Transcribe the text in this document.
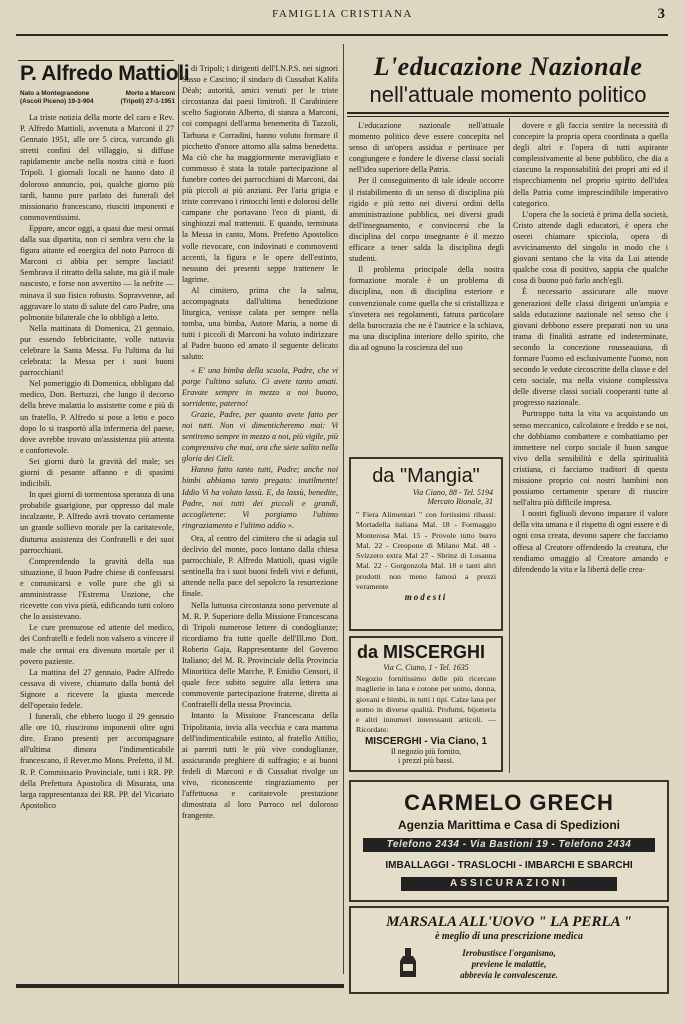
FAMIGLIA CRISTIANA	3
P. Alfredo Mattioli
Nato a Montegrandone
(Ascoli Piceno) 19-3-904
Morto a Marconi
(Tripoli) 27-1-1951

La triste notizia della morte del caro e Rev. P. Alfredo Mattioli, avvenuta a Marconi il 27 Gennaio 1951, alle ore 5 circa, varcando gli stretti confini del villaggio, si diffuse rapidamente anche nella nostra città e fuori Tripoli. I giornali locali ne hanno dato il doloroso annuncio, poi, qualche giorno più tardi, hanno pure parlato dei funerali del missionario francescano, riusciti imponenti e commoventissimi.

Eppure, ancor oggi, a quasi due mesi ormai dalla sua dipartita, non ci sembra vero che la figura aitante ed energica del noto Parroco di Marconi ci abbia per sempre lasciati! Sembrava il ritratto della salute, ma già il male nascosto, e forse non avvertito — la nefrite — minava il suo fisico robusto. Sopravvenne, ad aggravare lo stato di salute del caro Padre, una polmonite bilaterale che lo obbligò a letto.

Nella mattinata di Domenica, 21 gennaio, pur essendo febbricitante, volle tuttavia celebrare la Santa Messa. Fu l'ultima da lui celebrata: la Messa per i suoi buoni parrocchiani!

Nel pomeriggio di Domenica, obbligato dal medico, Dott. Bertuzzi, che lungo il decorso della breve malattia lo assistette come e più di un fratello, P. Alfredo si pose a letto e poco dopo lo si trasportò alla infermeria del paese, dove avrebbe trovato un'assistenza più attenta e confortevole.

Sei giorni durò la gravità del male; sei giorni di pesante affanno e di spasimi indicibili.

In quei giorni di tormentosa speranza di una probabile guarigione, pur oppresso dal male incalzante, P. Alfredo avrà trovato certamente un grande sollievo morale per la caritatevole, diuturna assistenza dei Confratelli e dei suoi parrocchiani.

Comprendendo la gravità della sua situazione, il buon Padre chiese di confessarsi e comunicarsi e volle pure che gli si amministrasse l'Estrema Unzione, che ricevette con viva pietà, edificando tutti coloro che lo assistevano.

Le cure premurose ed attente del medico, dei Confratelli e fedeli non valsero a vincere il male che ormai era divenuto mortale per il povero paziente.

La mattina del 27 gennaio, Padre Alfredo cessava di vivere, chiamato dalla bontà del Signore a ricevere la giusta mercede dell'operaio fedele.

I funerali, che ebbero luogo il 29 gennaio alle ore 10, riuscirono imponenti oltre ogni dire. Erano presenti per accompagnare all'ultima dimora l'indimenticabile francescano, il Rever.mo Mons. Prefetto, il M. R. P. Commissario Provinciale, tutti i RR. PP. della Prefettura Apostolica di Misurata, una larga rappresentanza dei RR. PP. del Vicariato Apostolico

di Tripoli; i dirigenti dell'I.N.P.S. nei signori Sasso e Cascino; il sindaco di Cussabat Kalifa Dèab; autorità, amici venuti per le triste circostanza dai paesi limitrofi. Il Carabiniere scelto Sagiorato Alberto, di stanza a Marconi, coi compagni dell'arma benemerita di Tazzoli, Tarhuna e Corradini, hanno voluto formare il picchetto d'onore attorno alla salma benedetta. Ma ciò che ha maggiormente meravigliato e commosso è stata la totale partecipazione al funebre corteo dei parrocchiani di Marconi, dai più piccoli ai più anziani. Per l'aria grigia e triste correvano i rintocchi lenti e dolorosi delle campane che portavano l'eco di pianti, di singhiozzi mal trattenuti. E quando, terminata la Messa in canto, Mons. Prefetto Apostolico volle rievocare, con indovinati e commoventi accenti, la figura e le opere dell'estinto, nessuno dei presenti seppe trattenere le lagrime.

Al cimitero, prima che la salma, accompagnata dall'ultima benedizione liturgica, venisse calata per sempre nella tomba, una bimba, Autore Maria, a nome di tutti i piccoli di Marconi ha voluto indirizzare al Padre buono ed amato il seguente delicato saluto:

« E' una bimba della scuola, Padre, che vi porge l'ultimo saluto. Ci avete tanto amati. Eravate sempre in mezzo a noi buono, sorridente, paterno!

Grazie, Padre, per quanto avete fatto per noi tutti. Non vi dimenticheremo mai: Vi sentiremo sempre in mezzo a noi, più vigile, più comprensivo che mai, ora che siete salito nella gloria dei Cieli.

Hanno fatto tanto tutti, Padre; anche noi bimbi abbiamo tanto pregato: inutilmente! Iddio Vi ha voluto lassù. E, da lassù, benedite, Padre, noi tutti dei piccoli e grandi, accoglietene: Vi porgiamo l'ultimo ringraziamento e l'ultimo addio ».

Ora, al centro del cimitero che si adagia sul declivio del monte, poco lontano dalla chiesa parrocchiale, P. Alfredo Mattioli, quasi vigile sentinella fra i suoi buoni fedeli vivi e defunti, attende nella pace del sepolcro la resurrezione finale.

Nella luttuosa circostanza sono pervenute al M. R. P. Superiore della Missione Francescana di Tripoli numerose lettere di condoglianze; ricordiamo fra tutte quelle dell'Ill.mo Dott. Roberto Gaja, Rappresentante del Governo Italiano; del M. R. Provinciale della Provincia Minoritica delle Marche, P. Emidio Censori, il quale fece subito seguire alla lettera una commovente partecipazione fraterne, diretta ai Confratelli della stessa Provincia.

Intanto la Missione Francescana della Tripolitania, invia alla vecchia e cara mamma dell'indimenticabile estinto, al fratello Attilio, ai parenti tutti le più vive condoglianze, assicurando preghiere di suffragio; e ai buoni fedeli di Marconi e di Cussabat rivolge un vivo, riconoscente ringraziamento per l'affettuosa e caritatevole prestazione dimostrata al loro Parroco nel doloroso frangente.

L'educazione Nazionale
nell'attuale momento politico

L'educazione nazionale nell'attuale momento politico deve essere concepita nel senso di un'opera assidua e pertinace per congiungere e fondere le diverse classi sociali nell'idea superiore della Patria.

Per il conseguimento di tale ideale occorre il ristabilimento di un senso di disciplina più rigido e più retto nei diversi ordini della amministrazione pubblica, nei diversi gradi dell'insegnamento, e convincersi che la disciplina del corpo insegnante è il mezzo efficace a tener salda la disciplina degli studenti.

Il problema principale della nostra formazione morale è un problema di disciplina, non di disciplina esteriore e convenzionale come quella che si cristallizza e s'invetera nei regolamenti, fattura particolare della burocrazia che ne è l'autrice e la schiava, ma una disciplina interiore dello spirito, che dia ad ognuno la coscienza del suo

dovere e gli faccia sentire la necessità di concepire la propria opera coordinata a quella degli altri e l'opera di tutti aspirante complessivamente al bene pubblico, che dia a ciascuno la responsabilità dei propri atti ed il rispecchiamento nel proprio spirito dell'idea della Patria come imprescindibile imperativo categorico.

L'opera che la società è prima della società, Cristo attende dagli educatori, è opera che oserei chiamare spicciola, opera di avvicinamento del singolo in modo che i giovani sentano che la vita da Lui attende qualche cosa di positivo, sappia che qualche cosa di buono può farlo anch'egli.

È necessario assicurare alle nuove generazioni delle classi dirigenti un'ampia e salda educazione nazionale nel senso che i giovani debbono essere preparati non su una trama di finalità astratte ed indeterminate, secondo la concezione rousseauiana, di formare l'uomo ed esclusivamente l'uomo, non secondo le vedute circoscritte della classe e del ceto sociale, ma nella visione complessiva delle diverse classi sociali cooperanti tutte al progresso nazionale.

Purtroppo tutta la vita va acquistando un senso meccanico, calcolatore e freddo e se noi, che dobbiamo combattere e combattiamo per immettere nel corpo sociale il buon sangue vivo della sensibilità e della spiritualità cristiana, ci facciamo traditori di questa missione proprio coi nostri bambini non possiamo certamente sperare di riuscire nell'altra più difficile impresa.

I nostri figliuoli devono imparare il valore della vita umana e il rispetto di ogni essere e di ogni cosa creata, devono sapere che facciamo offesa al Creatore offendendo la creatura, che rendiamo omaggio al Creatore amando e difendendo la vita e la libertà delle crea-

da "Mangia"
Via Ciano, 88 - Tel. 5194
Mercato Rionale, 31
" Fiera Alimentari " con fortissimi ribassi: Mortadella italiana Mal. 18 - Formaggio Monterosa Mal. 15 - Provole tutto burro Mal. 22 - Creopone di Milano Mal. 48 - Svizzero extra Mal 27 - Sbrinz di Losanna Mal. 22 - Gorgonzola Mal. 18 e tanti altri prodotti non meno famosi a prezzi veramente
modesti
da MISCERGHI
Via C. Ciano, 1 - Tel. 1635
Negozio fornitissimo delle più ricercate maglierie in lana e cotone per uomo, donna, giovani e bimbi, in tutti i tipi. Calze lana per uomo in diverse qualità. Profumi, bijotteria e altri innumeri interessanti articoli. — Ricordate:
MISCERGHI - Via Ciano, 1
Il negozio più fornito,
i prezzi più bassi.
CARMELO GRECH
Agenzia Marittima e Casa di Spedizioni
Telefono 2434 - Via Bastioni 19 - Telefono 2434
IMBALLAGGI - TRASLOCHI - IMBARCHI E SBARCHI
ASSICURAZIONI
MARSALA ALL'UOVO " LA PERLA "
è meglio di una prescrizione medica
Irrobustisce l'organismo,
previene le malattie,
abbrevia le convalescenze.
